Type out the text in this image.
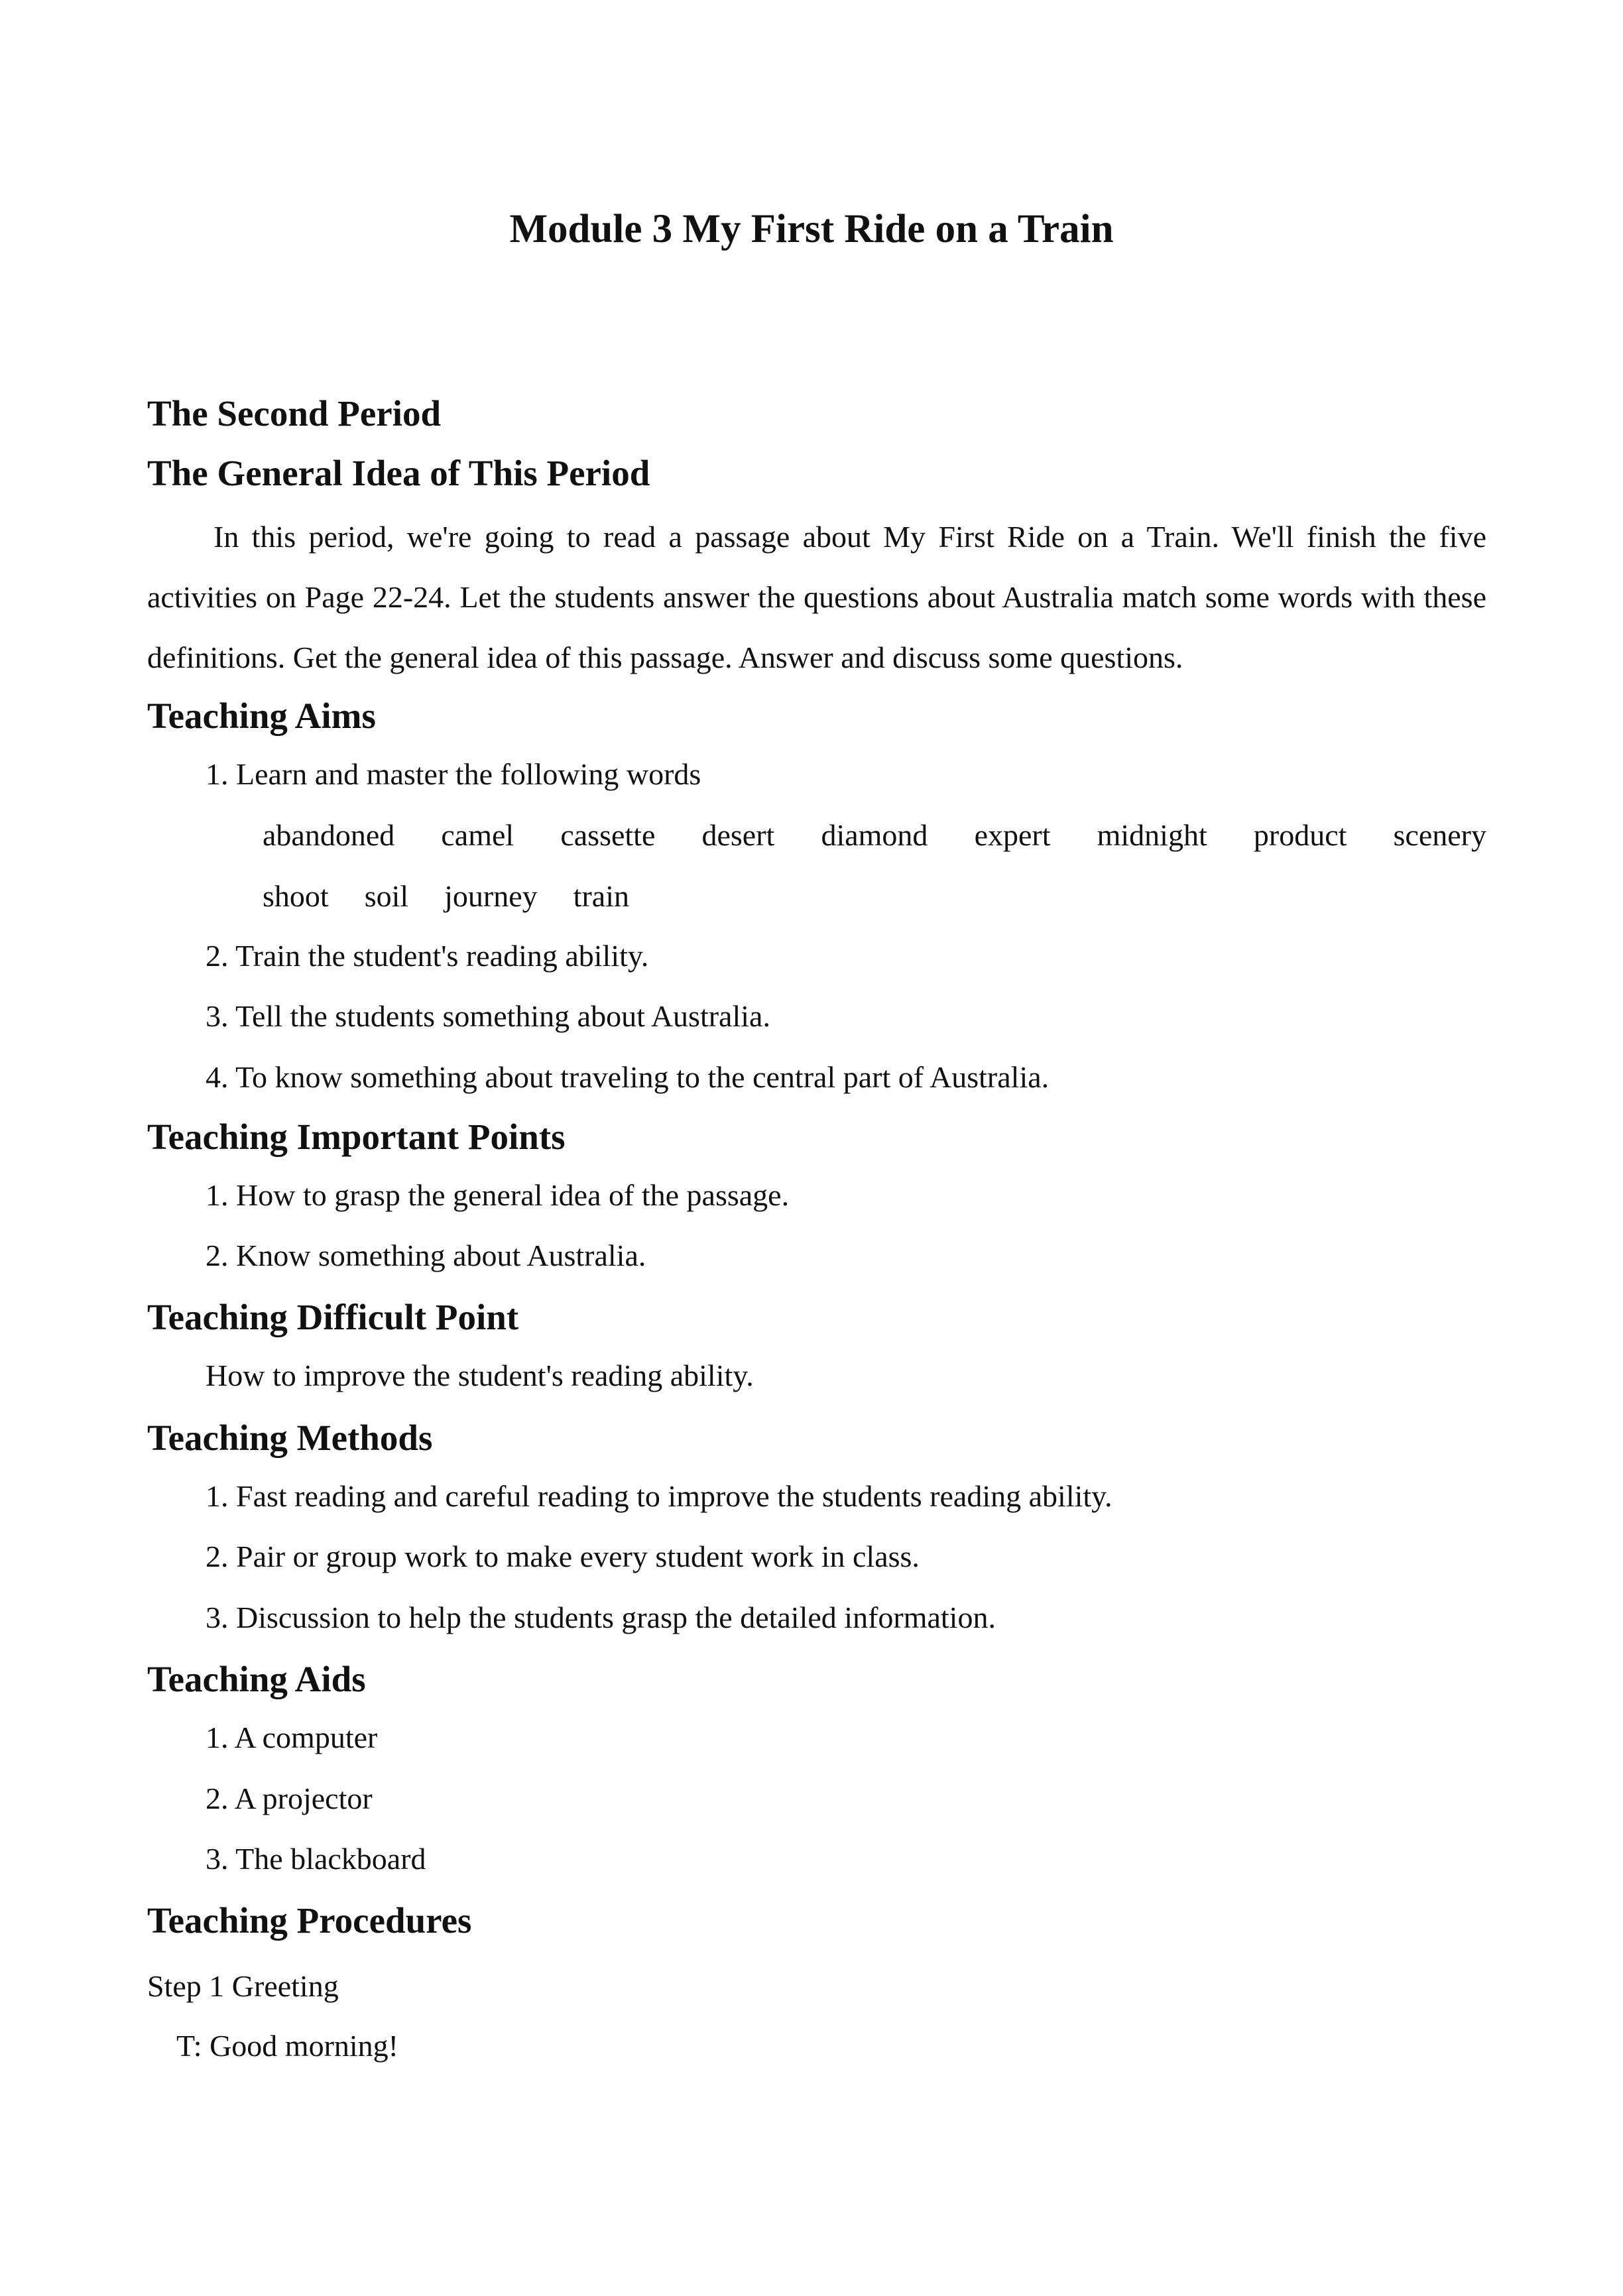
Module 3 My First Ride on a Train
The Second Period
The General Idea of This Period
In this period, we're going to read a passage about My First Ride on a Train. We'll finish the five activities on Page 22-24. Let the students answer the questions about Australia match some words with these definitions. Get the general idea of this passage. Answer and discuss some questions.
Teaching Aims
1. Learn and master the following words
abandoned camel cassette desert diamond expert midnight product scenery
shoot soil journey train
2. Train the student's reading ability.
3. Tell the students something about Australia.
4. To know something about traveling to the central part of Australia.
Teaching Important Points
1. How to grasp the general idea of the passage.
2. Know something about Australia.
Teaching Difficult Point
How to improve the student's reading ability.
Teaching Methods
1. Fast reading and careful reading to improve the students reading ability.
2. Pair or group work to make every student work in class.
3. Discussion to help the students grasp the detailed information.
Teaching Aids
1. A computer
2. A projector
3. The blackboard
Teaching Procedures
Step 1 Greeting
T: Good morning!
